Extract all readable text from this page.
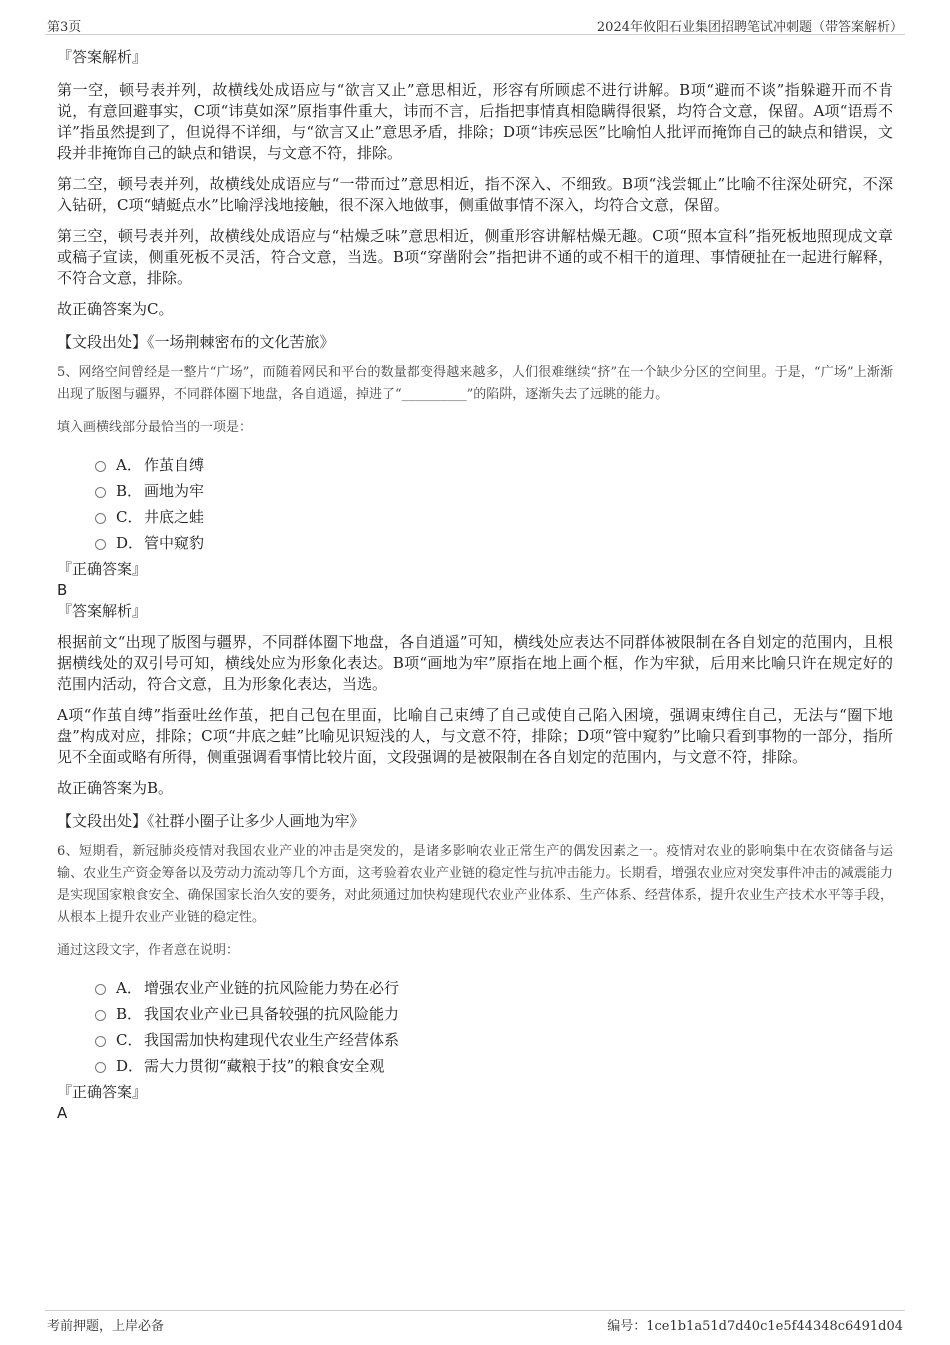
第3页	2024年攸阳石业集团招聘笔试冲刺题（带答案解析）

『答案解析』

第一空，顿号表并列，故横线处成语应与“欲言又止”意思相近，形容有所顾虑不进行讲解。B项“避而不谈”指躲避开而不肯说，有意回避事实，C项“讳莫如深”原指事件重大，讳而不言，后指把事情真相隐瞒得很紧，均符合文意，保留。A项“语焉不详”指虽然提到了，但说得不详细，与“欲言又止”意思矛盾，排除；D项“讳疾忌医”比喻怕人批评而掩饰自己的缺点和错误，文段并非掩饰自己的缺点和错误，与文意不符，排除。

第二空，顿号表并列，故横线处成语应与“一带而过”意思相近，指不深入、不细致。B项“浅尝辄止”比喻不往深处研究，不深入钻研，C项“蜻蜓点水”比喻浮浅地接触，很不深入地做事，侧重做事情不深入，均符合文意，保留。

第三空，顿号表并列，故横线处成语应与“枯燥乏味”意思相近，侧重形容讲解枯燥无趣。C项“照本宣科”指死板地照现成文章或稿子宣读，侧重死板不灵活，符合文意，当选。B项“穿凿附会”指把讲不通的或不相干的道理、事情硬扯在一起进行解释，不符合文意，排除。

故正确答案为C。

【文段出处】《一场荆棘密布的文化苦旅》

5、网络空间曾经是一整片“广场”，而随着网民和平台的数量都变得越来越多，人们很难继续“挤”在一个缺少分区的空间里。于是，“广场”上渐渐出现了版图与疆界，不同群体圈下地盘，各自逍遥，掉进了“__________”的陷阱，逐渐失去了远眺的能力。

填入画横线部分最恰当的一项是：

A． 作茧自缚
B． 画地为牢
C． 井底之蛙
D． 管中窥豹

『正确答案』

B

『答案解析』

根据前文“出现了版图与疆界，不同群体圈下地盘，各自逍遥”可知，横线处应表达不同群体被限制在各自划定的范围内，且根据横线处的双引号可知，横线处应为形象化表达。B项“画地为牢”原指在地上画个框，作为牢狱，后用来比喻只许在规定好的范围内活动，符合文意，且为形象化表达，当选。

A项“作茧自缚”指蚕吐丝作茧，把自己包在里面，比喻自己束缚了自己或使自己陷入困境，强调束缚住自己，无法与“圈下地盘”构成对应，排除；C项“井底之蛙”比喻见识短浅的人，与文意不符，排除；D项“管中窥豹”比喻只看到事物的一部分，指所见不全面或略有所得，侧重强调看事情比较片面，文段强调的是被限制在各自划定的范围内，与文意不符，排除。

故正确答案为B。

【文段出处】《社群小圈子让多少人画地为牢》

6、短期看，新冠肺炎疫情对我国农业产业的冲击是突发的，是诸多影响农业正常生产的偶发因素之一。疫情对农业的影响集中在农资储备与运输、农业生产资金筹备以及劳动力流动等几个方面，这考验着农业产业链的稳定性与抗冲击能力。长期看，增强农业应对突发事件冲击的减震能力是实现国家粮食安全、确保国家长治久安的要务，对此须通过加快构建现代农业产业体系、生产体系、经营体系，提升农业生产技术水平等手段，从根本上提升农业产业链的稳定性。

通过这段文字，作者意在说明：

A． 增强农业产业链的抗风险能力势在必行
B． 我国农业产业已具备较强的抗风险能力
C． 我国需加快构建现代农业生产经营体系
D． 需大力贯彻“藏粮于技”的粮食安全观

『正确答案』

A

考前押题，上岸必备	编号：1ce1b1a51d7d40c1e5f44348c6491d04
